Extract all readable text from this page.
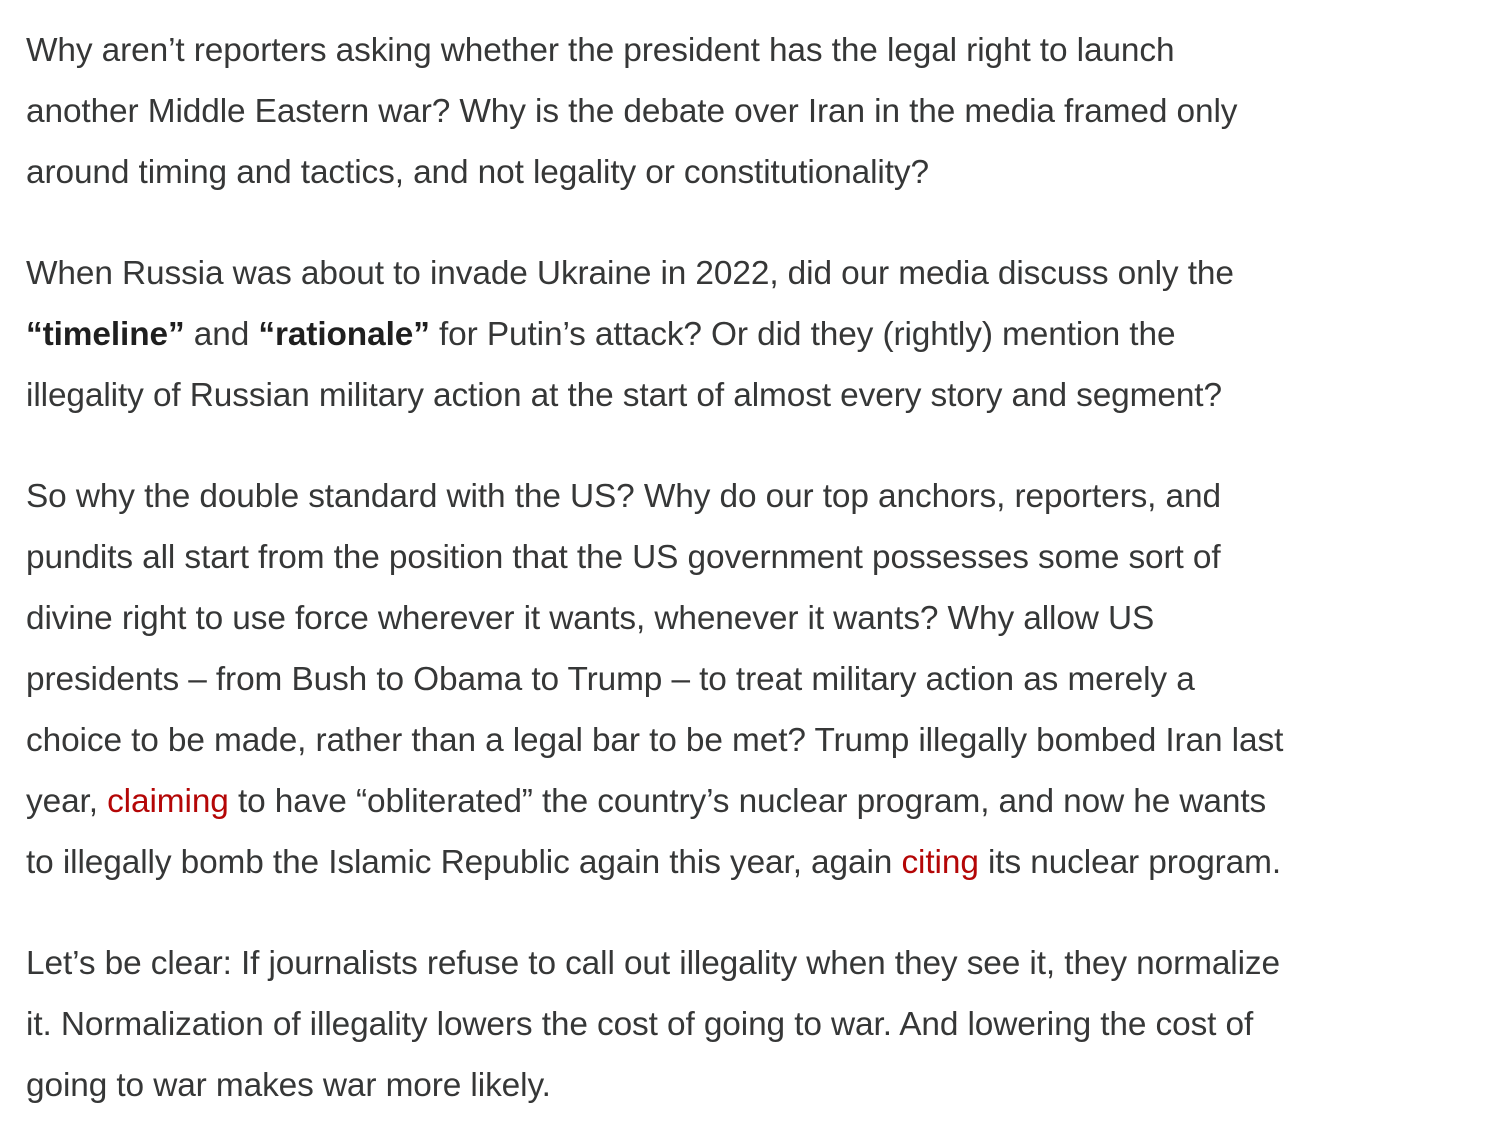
Why aren’t reporters asking whether the president has the legal right to launch
another Middle Eastern war? Why is the debate over Iran in the media framed only
around timing and tactics, and not legality or constitutionality?

When Russia was about to invade Ukraine in 2022, did our media discuss only the
“timeline” and “rationale” for Putin’s attack? Or did they (rightly) mention the
illegality of Russian military action at the start of almost every story and segment?

So why the double standard with the US? Why do our top anchors, reporters, and
pundits all start from the position that the US government possesses some sort of
divine right to use force wherever it wants, whenever it wants? Why allow US
presidents – from Bush to Obama to Trump – to treat military action as merely a
choice to be made, rather than a legal bar to be met? Trump illegally bombed Iran last
year, claiming to have “obliterated” the country’s nuclear program, and now he wants
to illegally bomb the Islamic Republic again this year, again citing its nuclear program.

Let’s be clear: If journalists refuse to call out illegality when they see it, they normalize
it. Normalization of illegality lowers the cost of going to war. And lowering the cost of
going to war makes war more likely.
